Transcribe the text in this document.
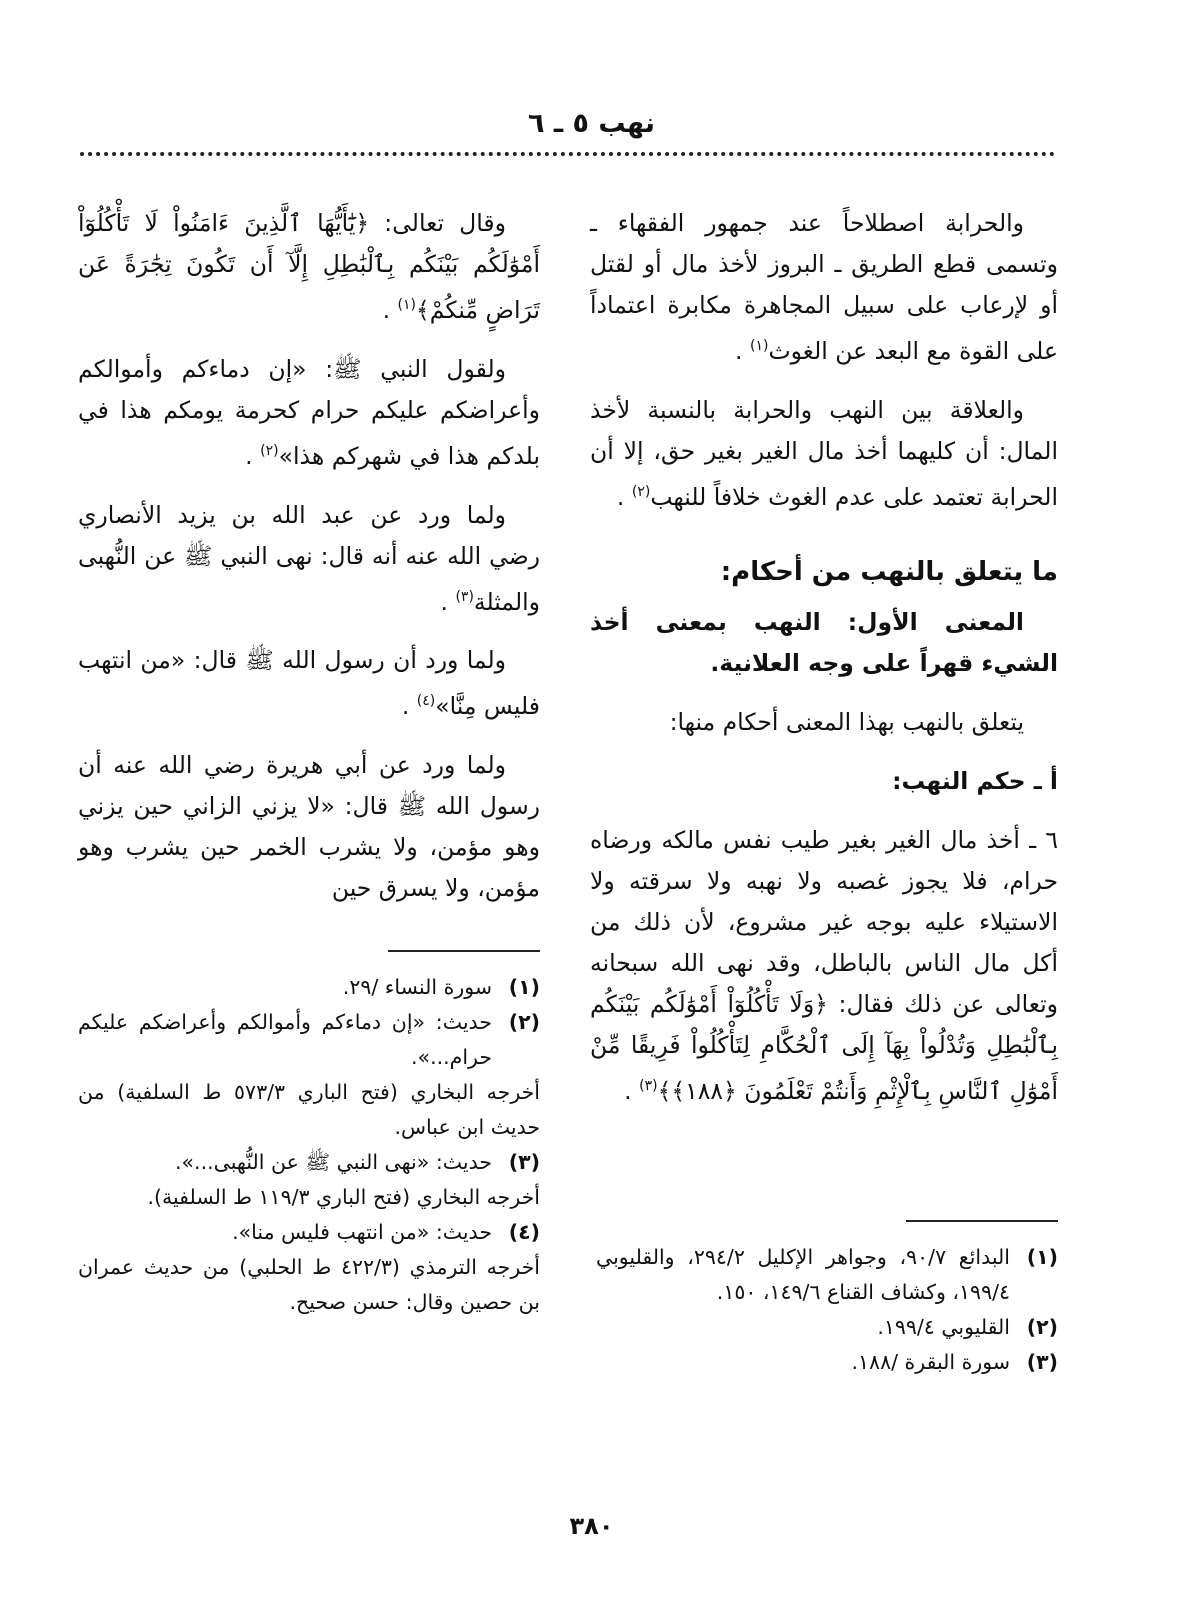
نهب ٥ ـ ٦

والحرابة اصطلاحاً عند جمهور الفقهاء ـ وتسمى قطع الطريق ـ البروز لأخذ مال أو لقتل أو لإرعاب على سبيل المجاهرة مكابرة اعتماداً على القوة مع البعد عن الغوث$^{(١)}$ .

والعلاقة بين النهب والحرابة بالنسبة لأخذ المال: أن كليهما أخذ مال الغير بغير حق، إلا أن الحرابة تعتمد على عدم الغوث خلافاً للنهب$^{(٢)}$ .

ما يتعلق بالنهب من أحكام:

المعنى الأول: النهب بمعنى أخذ الشيء قهراً على وجه العلانية.

يتعلق بالنهب بهذا المعنى أحكام منها:

أ ـ حكم النهب:

٦ ـ أخذ مال الغير بغير طيب نفس مالكه ورضاه حرام، فلا يجوز غصبه ولا نهبه ولا سرقته ولا الاستيلاء عليه بوجه غير مشروع، لأن ذلك من أكل مال الناس بالباطل، وقد نهى الله سبحانه وتعالى عن ذلك فقال: ﴿وَلَا تَأْكُلُوٓاْ أَمْوَٰلَكُم بَيْنَكُم بِٱلْبَٰطِلِ وَتُدْلُواْ بِهَآ إِلَى ٱلْحُكَّامِ لِتَأْكُلُواْ فَرِيقًا مِّنْ أَمْوَٰلِ ٱلنَّاسِ بِٱلْإِثْمِ وَأَنتُمْ تَعْلَمُونَ ﴿١٨٨﴾﴾$^{(٣)}$ .

وقال تعالى: ﴿يَٰٓأَيُّهَا ٱلَّذِينَ ءَامَنُواْ لَا تَأْكُلُوٓاْ أَمْوَٰلَكُم بَيْنَكُم بِٱلْبَٰطِلِ إِلَّآ أَن تَكُونَ تِجَٰرَةً عَن تَرَاضٍ مِّنكُمْ﴾$^{(١)}$ .

ولقول النبي ﷺ: «إن دماءكم وأموالكم وأعراضكم عليكم حرام كحرمة يومكم هذا في بلدكم هذا في شهركم هذا»$^{(٢)}$ .

ولما ورد عن عبد الله بن يزيد الأنصاري رضي الله عنه أنه قال: نهى النبي ﷺ عن النُّهبى والمثلة$^{(٣)}$ .

ولما ورد أن رسول الله ﷺ قال: «من انتهب فليس مِنَّا»$^{(٤)}$ .

ولما ورد عن أبي هريرة رضي الله عنه أن رسول الله ﷺ قال: «لا يزني الزاني حين يزني وهو مؤمن، ولا يشرب الخمر حين يشرب وهو مؤمن، ولا يسرق حين

(١)
البدائع ٩٠/٧، وجواهر الإكليل ٢٩٤/٢، والقليوبي ١٩٩/٤، وكشاف القناع ١٤٩/٦، ١٥٠.
(٢)
القليوبي ١٩٩/٤.
(٣)
سورة البقرة /١٨٨.
(١)
سورة النساء /٢٩.
(٢)
حديث: «إن دماءكم وأموالكم وأعراضكم عليكم حرام...».
أخرجه البخاري (فتح الباري ٥٧٣/٣ ط السلفية) من حديث ابن عباس.
(٣)
حديث: «نهى النبي ﷺ عن النُّهبى...».
أخرجه البخاري (فتح الباري ١١٩/٣ ط السلفية).
(٤)
حديث: «من انتهب فليس منا».
أخرجه الترمذي (٤٢٢/٣ ط الحلبي) من حديث عمران بن حصين وقال: حسن صحيح.
٣٨٠
